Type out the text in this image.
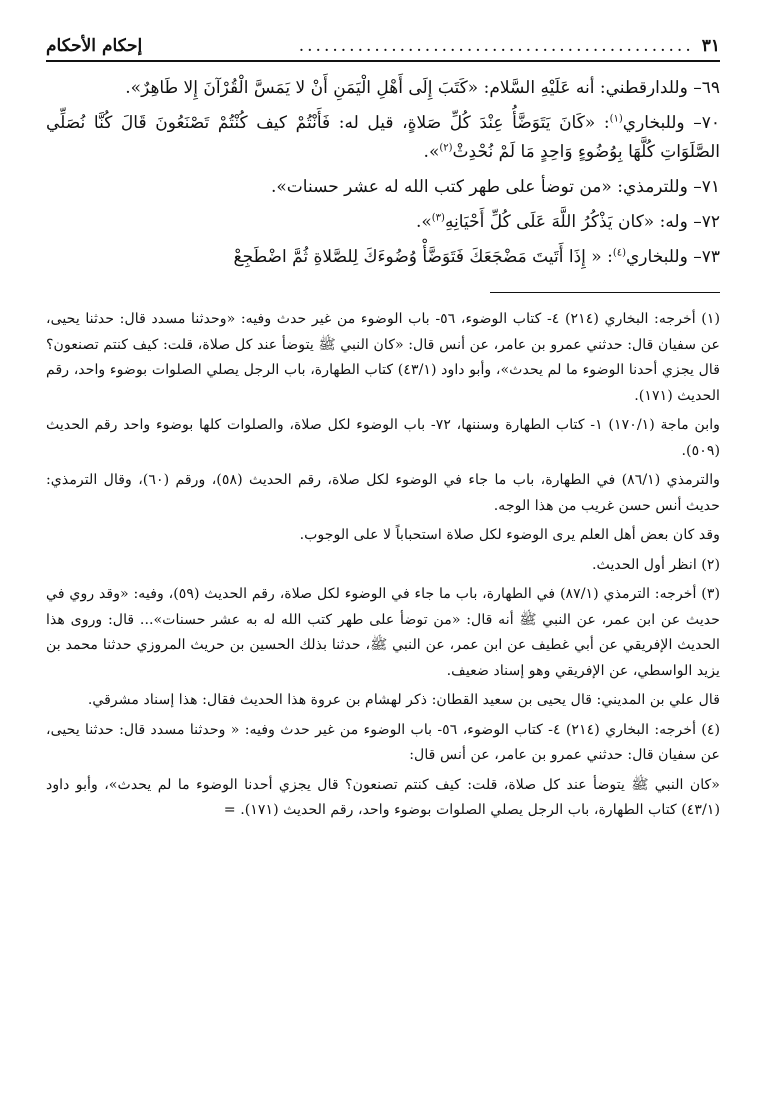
٣١
...............................................
إحكام الأحكام

٦٩– وللدارقطني: أنه عَلَيْهِ السَّلام: «كَتَبَ إِلَى أَهْلِ الْيَمَنِ أَنْ لا يَمَسَّ الْقُرْآنَ إِلا طَاهِرٌ».

٧٠– وللبخاري$^{(١)}$: «كَانَ يَتَوَضَّأُ عِنْدَ كُلِّ صَلاةٍ، قيل له: فَأَنْتُمْ كيف كُنْتُمْ تَصْنَعُونَ قَالَ كُنَّا نُصَلِّي الصَّلَوَاتِ كُلَّهَا بِوُضُوءٍ وَاحِدٍ مَا لَمْ نُحْدِثْ$^{(٢)}$».

٧١– وللترمذي: «من توضأ على طهر كتب الله له عشر حسنات».

٧٢– وله: «كان يَذْكُرُ اللَّهَ عَلَى كُلِّ أَحْيَانِهِ$^{(٣)}$».

٧٣– وللبخاري$^{(٤)}$: « إِذَا أَتَيتَ مَضْجَعَكَ فَتَوَضَّأْ وُضُوءَكَ لِلصَّلاةِ ثُمَّ اضْطَجِعْ

(١) أخرجه: البخاري (٢١٤) ٤- كتاب الوضوء، ٥٦- باب الوضوء من غير حدث وفيه: «وحدثنا مسدد قال: حدثنا يحيى، عن سفيان قال: حدثني عمرو بن عامر، عن أنس قال: «كان النبي ﷺ يتوضأ عند كل صلاة، قلت: كيف كنتم تصنعون؟ قال يجزي أحدنا الوضوء ما لم يحدث»، وأبو داود (٤٣/١) كتاب الطهارة، باب الرجل يصلي الصلوات بوضوء واحد، رقم الحديث (١٧١).

وابن ماجة (١٧٠/١) ١- كتاب الطهارة وسننها، ٧٢- باب الوضوء لكل صلاة، والصلوات كلها بوضوء واحد رقم الحديث (٥٠٩).

والترمذي (٨٦/١) في الطهارة، باب ما جاء في الوضوء لكل صلاة، رقم الحديث (٥٨)، ورقم (٦٠)، وقال الترمذي: حديث أنس حسن غريب من هذا الوجه.

وقد كان بعض أهل العلم يرى الوضوء لكل صلاة استحباباً لا على الوجوب.

(٢) انظر أول الحديث.

(٣) أخرجه: الترمذي (٨٧/١) في الطهارة، باب ما جاء في الوضوء لكل صلاة، رقم الحديث (٥٩)، وفيه: «وقد روي في حديث عن ابن عمر، عن النبي ﷺ أنه قال: «من توضأ على طهر كتب الله له به عشر حسنات»... قال: وروى هذا الحديث الإفريقي عن أبي غطيف عن ابن عمر، عن النبي ﷺ، حدثنا بذلك الحسين بن حريث المروزي حدثنا محمد بن يزيد الواسطي، عن الإفريقي وهو إسناد ضعيف.

قال علي بن المديني: قال يحيى بن سعيد القطان: ذكر لهشام بن عروة هذا الحديث فقال: هذا إسناد مشرقي.

(٤) أخرجه: البخاري (٢١٤) ٤- كتاب الوضوء، ٥٦- باب الوضوء من غير حدث وفيه: « وحدثنا مسدد قال: حدثنا يحيى، عن سفيان قال: حدثني عمرو بن عامر، عن أنس قال:

«كان النبي ﷺ يتوضأ عند كل صلاة، قلت: كيف كنتم تصنعون؟ قال يجزي أحدنا الوضوء ما لم يحدث»، وأبو داود (٤٣/١) كتاب الطهارة، باب الرجل يصلي الصلوات بوضوء واحد، رقم الحديث (١٧١). =
